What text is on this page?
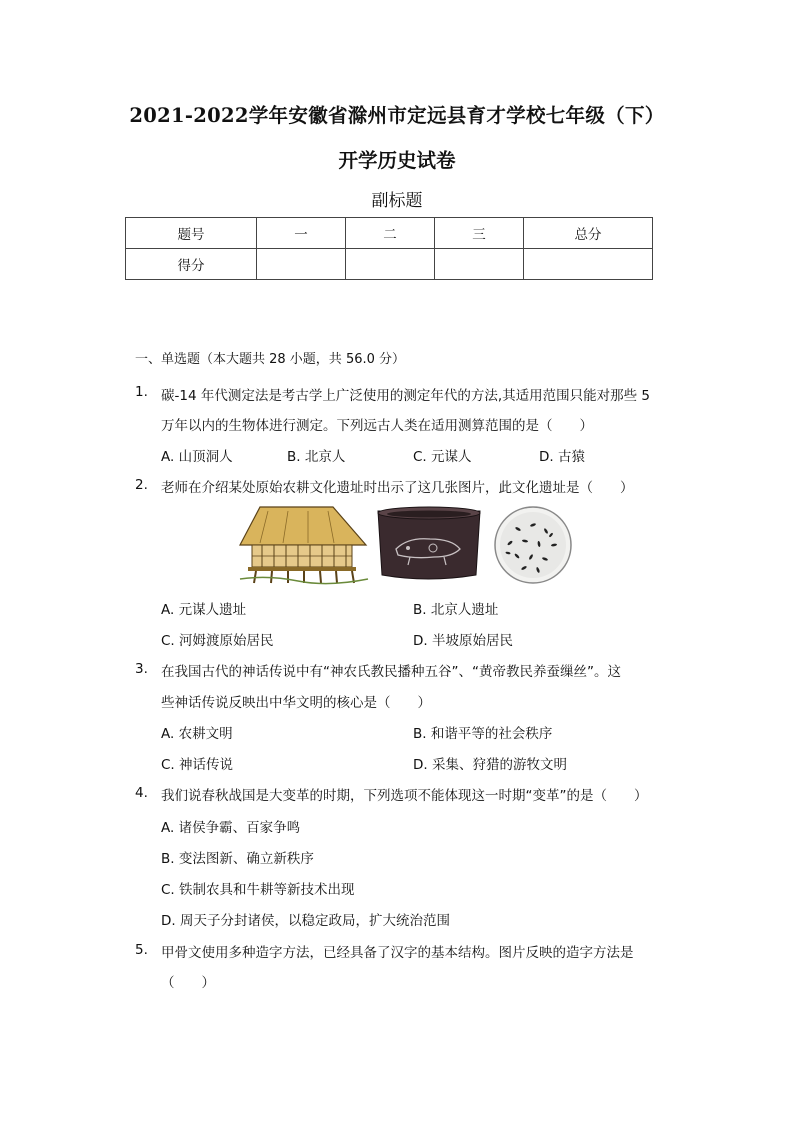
2021-2022学年安徽省滁州市定远县育才学校七年级（下）
开学历史试卷
副标题
题号	一	二	三	总分
得分				
一、单选题（本大题共 28 小题，共 56.0 分）
1. 碳-14 年代测定法是考古学上广泛使用的测定年代的方法,其适用范围只能对那些 5
万年以内的生物体进行测定。下列远古人类在适用测算范围的是（　　）
A. 山顶洞人	B. 北京人	C. 元谋人	D. 古猿
2. 老师在介绍某处原始农耕文化遗址时出示了这几张图片，此文化遗址是（　　）
A. 元谋人遗址	B. 北京人遗址
C. 河姆渡原始居民	D. 半坡原始居民
3. 在我国古代的神话传说中有“神农氏教民播种五谷”、“黄帝教民养蚕缫丝”。这
些神话传说反映出中华文明的核心是（　　）
A. 农耕文明	B. 和谐平等的社会秩序
C. 神话传说	D. 采集、狩猎的游牧文明
4. 我们说春秋战国是大变革的时期，下列选项不能体现这一时期“变革”的是（　　）
A. 诸侯争霸、百家争鸣
B. 变法图新、确立新秩序
C. 铁制农具和牛耕等新技术出现
D. 周天子分封诸侯，以稳定政局，扩大统治范围
5. 甲骨文使用多种造字方法，已经具备了汉字的基本结构。图片反映的造字方法是
（　　）
